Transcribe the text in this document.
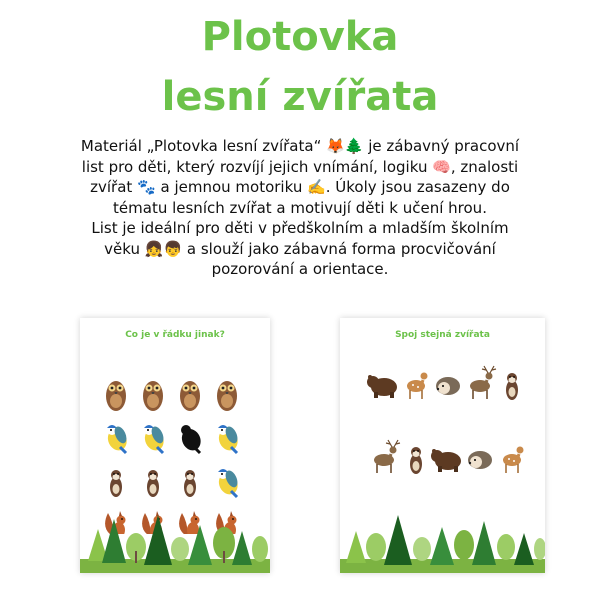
Plotovka
lesní zvířata

Materiál „Plotovka lesní zvířata“ 🦊🌲 je zábavný pracovní

list pro děti, který rozvíjí jejich vnímání, logiku 🧠, znalosti

zvířat 🐾 a jemnou motoriku ✍️. Úkoly jsou zasazeny do

tématu lesních zvířat a motivují děti k učení hrou.

List je ideální pro děti v předškolním a mladším školním

věku 👧👦 a slouží jako zábavná forma procvičování

pozorování a orientace.

Co je v řádku jinak?	Spoj stejná zvířata
